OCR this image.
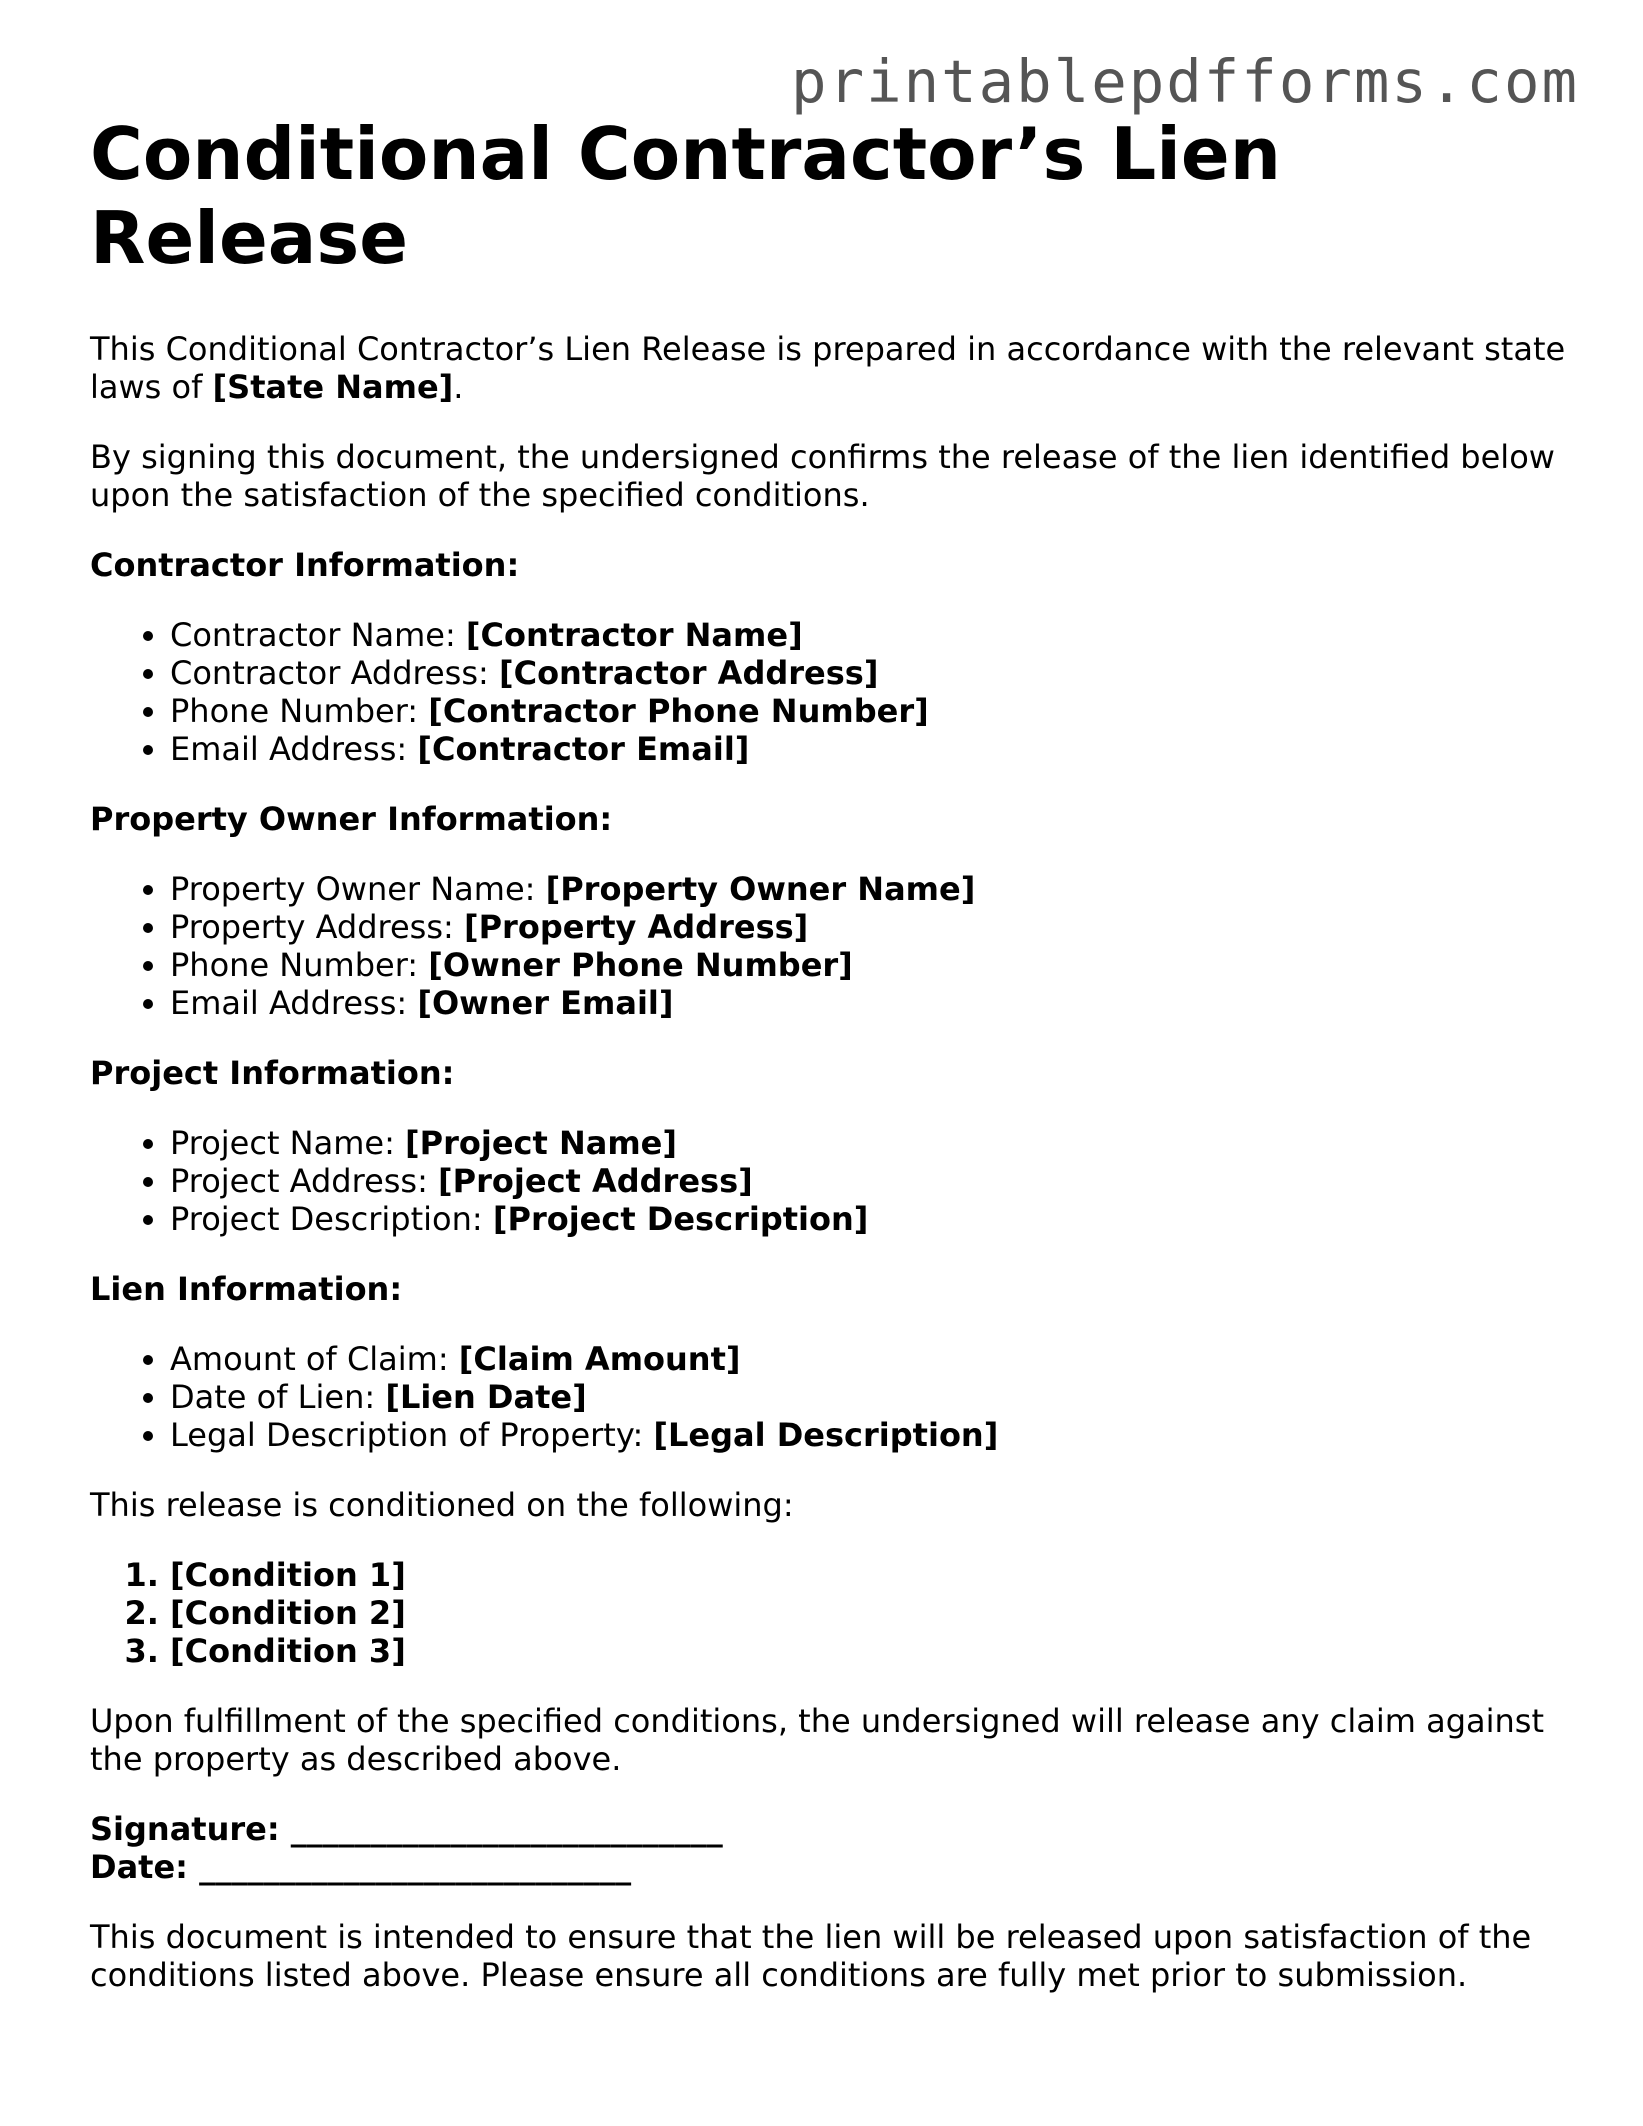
printablepdfforms.com
Conditional Contractor’s Lien Release

This Conditional Contractor’s Lien Release is prepared in accordance with the relevant state laws of [State Name].

By signing this document, the undersigned confirms the release of the lien identified below upon the satisfaction of the specified conditions.

Contractor Information:

• Contractor Name: [Contractor Name]
• Contractor Address: [Contractor Address]
• Phone Number: [Contractor Phone Number]
• Email Address: [Contractor Email]

Property Owner Information:

• Property Owner Name: [Property Owner Name]
• Property Address: [Property Address]
• Phone Number: [Owner Phone Number]
• Email Address: [Owner Email]

Project Information:

• Project Name: [Project Name]
• Project Address: [Project Address]
• Project Description: [Project Description]

Lien Information:

• Amount of Claim: [Claim Amount]
• Date of Lien: [Lien Date]
• Legal Description of Property: [Legal Description]

This release is conditioned on the following:

1. [Condition 1]
2. [Condition 2]
3. [Condition 3]

Upon fulfillment of the specified conditions, the undersigned will release any claim against the property as described above.

Signature: ___________________________

Date: ___________________________

This document is intended to ensure that the lien will be released upon satisfaction of the conditions listed above. Please ensure all conditions are fully met prior to submission.
